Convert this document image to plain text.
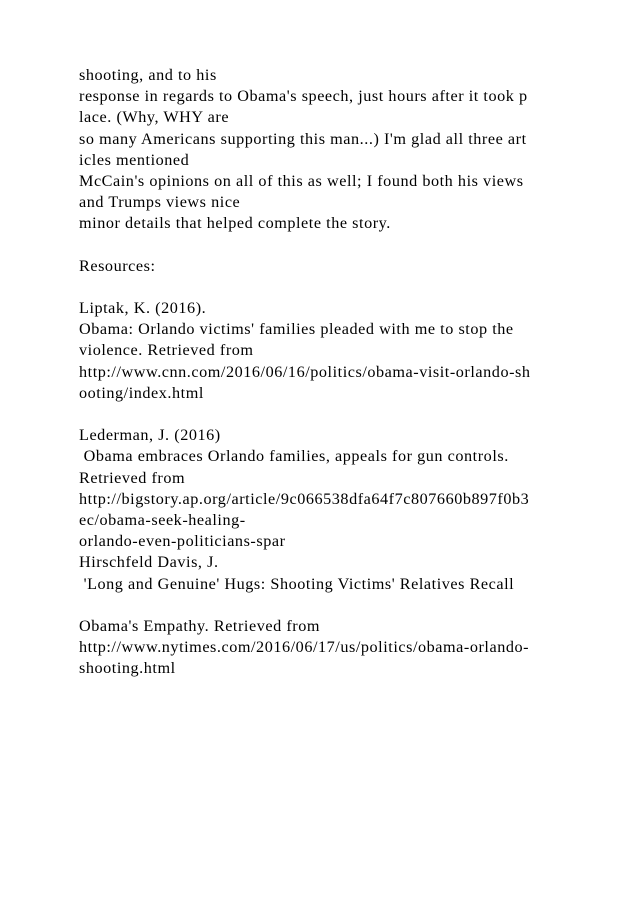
shooting, and to his
response in regards to Obama's speech, just hours after it took p
lace. (Why, WHY are
so many Americans supporting this man...) I'm glad all three art
icles mentioned
McCain's opinions on all of this as well; I found both his views
and Trumps views nice
minor details that helped complete the story.
Resources:
Liptak, K. (2016).
Obama: Orlando victims' families pleaded with me to stop the
violence. Retrieved from
http://www.cnn.com/2016/06/16/politics/obama-visit-orlando-sh
ooting/index.html
Lederman, J. (2016)
Obama embraces Orlando families, appeals for gun controls.
Retrieved from
http://bigstory.ap.org/article/9c066538dfa64f7c807660b897f0b3
ec/obama-seek-healing-
orlando-even-politicians-spar
Hirschfeld Davis, J.
'Long and Genuine' Hugs: Shooting Victims' Relatives Recall
Obama's Empathy. Retrieved from
http://www.nytimes.com/2016/06/17/us/politics/obama-orlando-
shooting.html
